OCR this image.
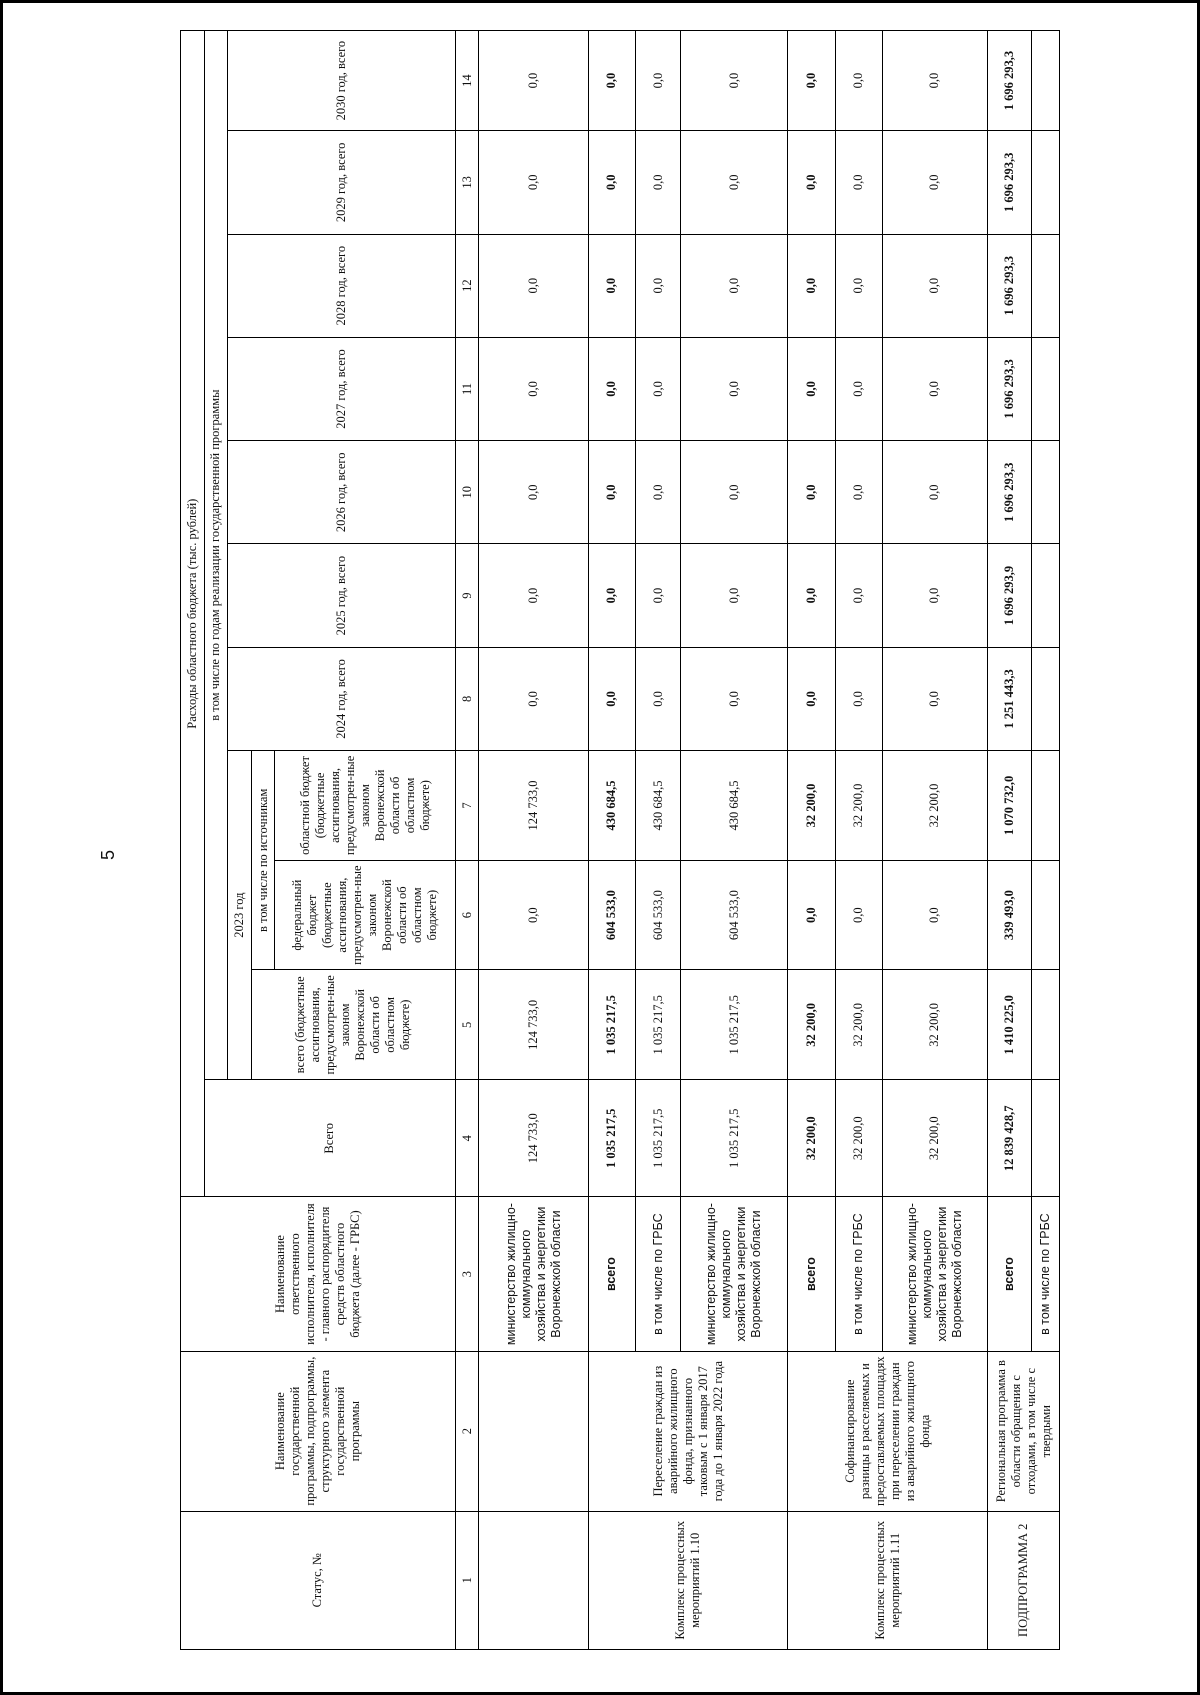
5
Статус, №	Наименование государственной программы, подпрограммы, структурного элемента государственной программы	Наименование ответственного исполнителя, исполнителя - главного распорядителя средств областного бюджета (далее - ГРБС)	Расходы областного бюджета (тыс. рублей)										
			Всего	в том числе по годам реализации государственной программы									
				2023 год			2024 год, всего	2025 год, всего	2026 год, всего	2027 год, всего	2028 год, всего	2029 год, всего	2030 год, всего
				всего (бюджетные ассигнования, предусмотрен-ные законом Воронежской области об областном бюджете)	в том числе по источникам								
					федеральный бюджет (бюджетные ассигнования, предусмотрен-ные законом Воронежской области об областном бюджете)	областной бюджет (бюджетные ассигнования, предусмотрен-ные законом Воронежской области об областном бюджете)							
1	2	3	4	5	6	7	8	9	10	11	12	13	14
		министерство жилищно-коммунального хозяйства и энергетики Воронежской области	124 733,0	124 733,0	0,0	124 733,0	0,0	0,0	0,0	0,0	0,0	0,0	0,0
Комплекс процессных мероприятий 1.10	Переселение граждан из аварийного жилищного фонда, признанного таковым с 1 января 2017 года до 1 января 2022 года	всего	1 035 217,5	1 035 217,5	604 533,0	430 684,5	0,0	0,0	0,0	0,0	0,0	0,0	0,0
		в том числе по ГРБС	1 035 217,5	1 035 217,5	604 533,0	430 684,5	0,0	0,0	0,0	0,0	0,0	0,0	0,0
		министерство жилищно-коммунального хозяйства и энергетики Воронежской области	1 035 217,5	1 035 217,5	604 533,0	430 684,5	0,0	0,0	0,0	0,0	0,0	0,0	0,0
Комплекс процессных мероприятий 1.11	Софинансирование разницы в расселяемых и предоставляемых площадях при переселении граждан из аварийного жилищного фонда	всего	32 200,0	32 200,0	0,0	32 200,0	0,0	0,0	0,0	0,0	0,0	0,0	0,0
		в том числе по ГРБС	32 200,0	32 200,0	0,0	32 200,0	0,0	0,0	0,0	0,0	0,0	0,0	0,0
		министерство жилищно-коммунального хозяйства и энергетики Воронежской области	32 200,0	32 200,0	0,0	32 200,0	0,0	0,0	0,0	0,0	0,0	0,0	0,0
ПОДПРОГРАММА 2	Региональная программа в области обращения с отходами, в том числе с твердыми	всего	12 839 428,7	1 410 225,0	339 493,0	1 070 732,0	1 251 443,3	1 696 293,9	1 696 293,3	1 696 293,3	1 696 293,3	1 696 293,3	1 696 293,3
		в том числе по ГРБС											
